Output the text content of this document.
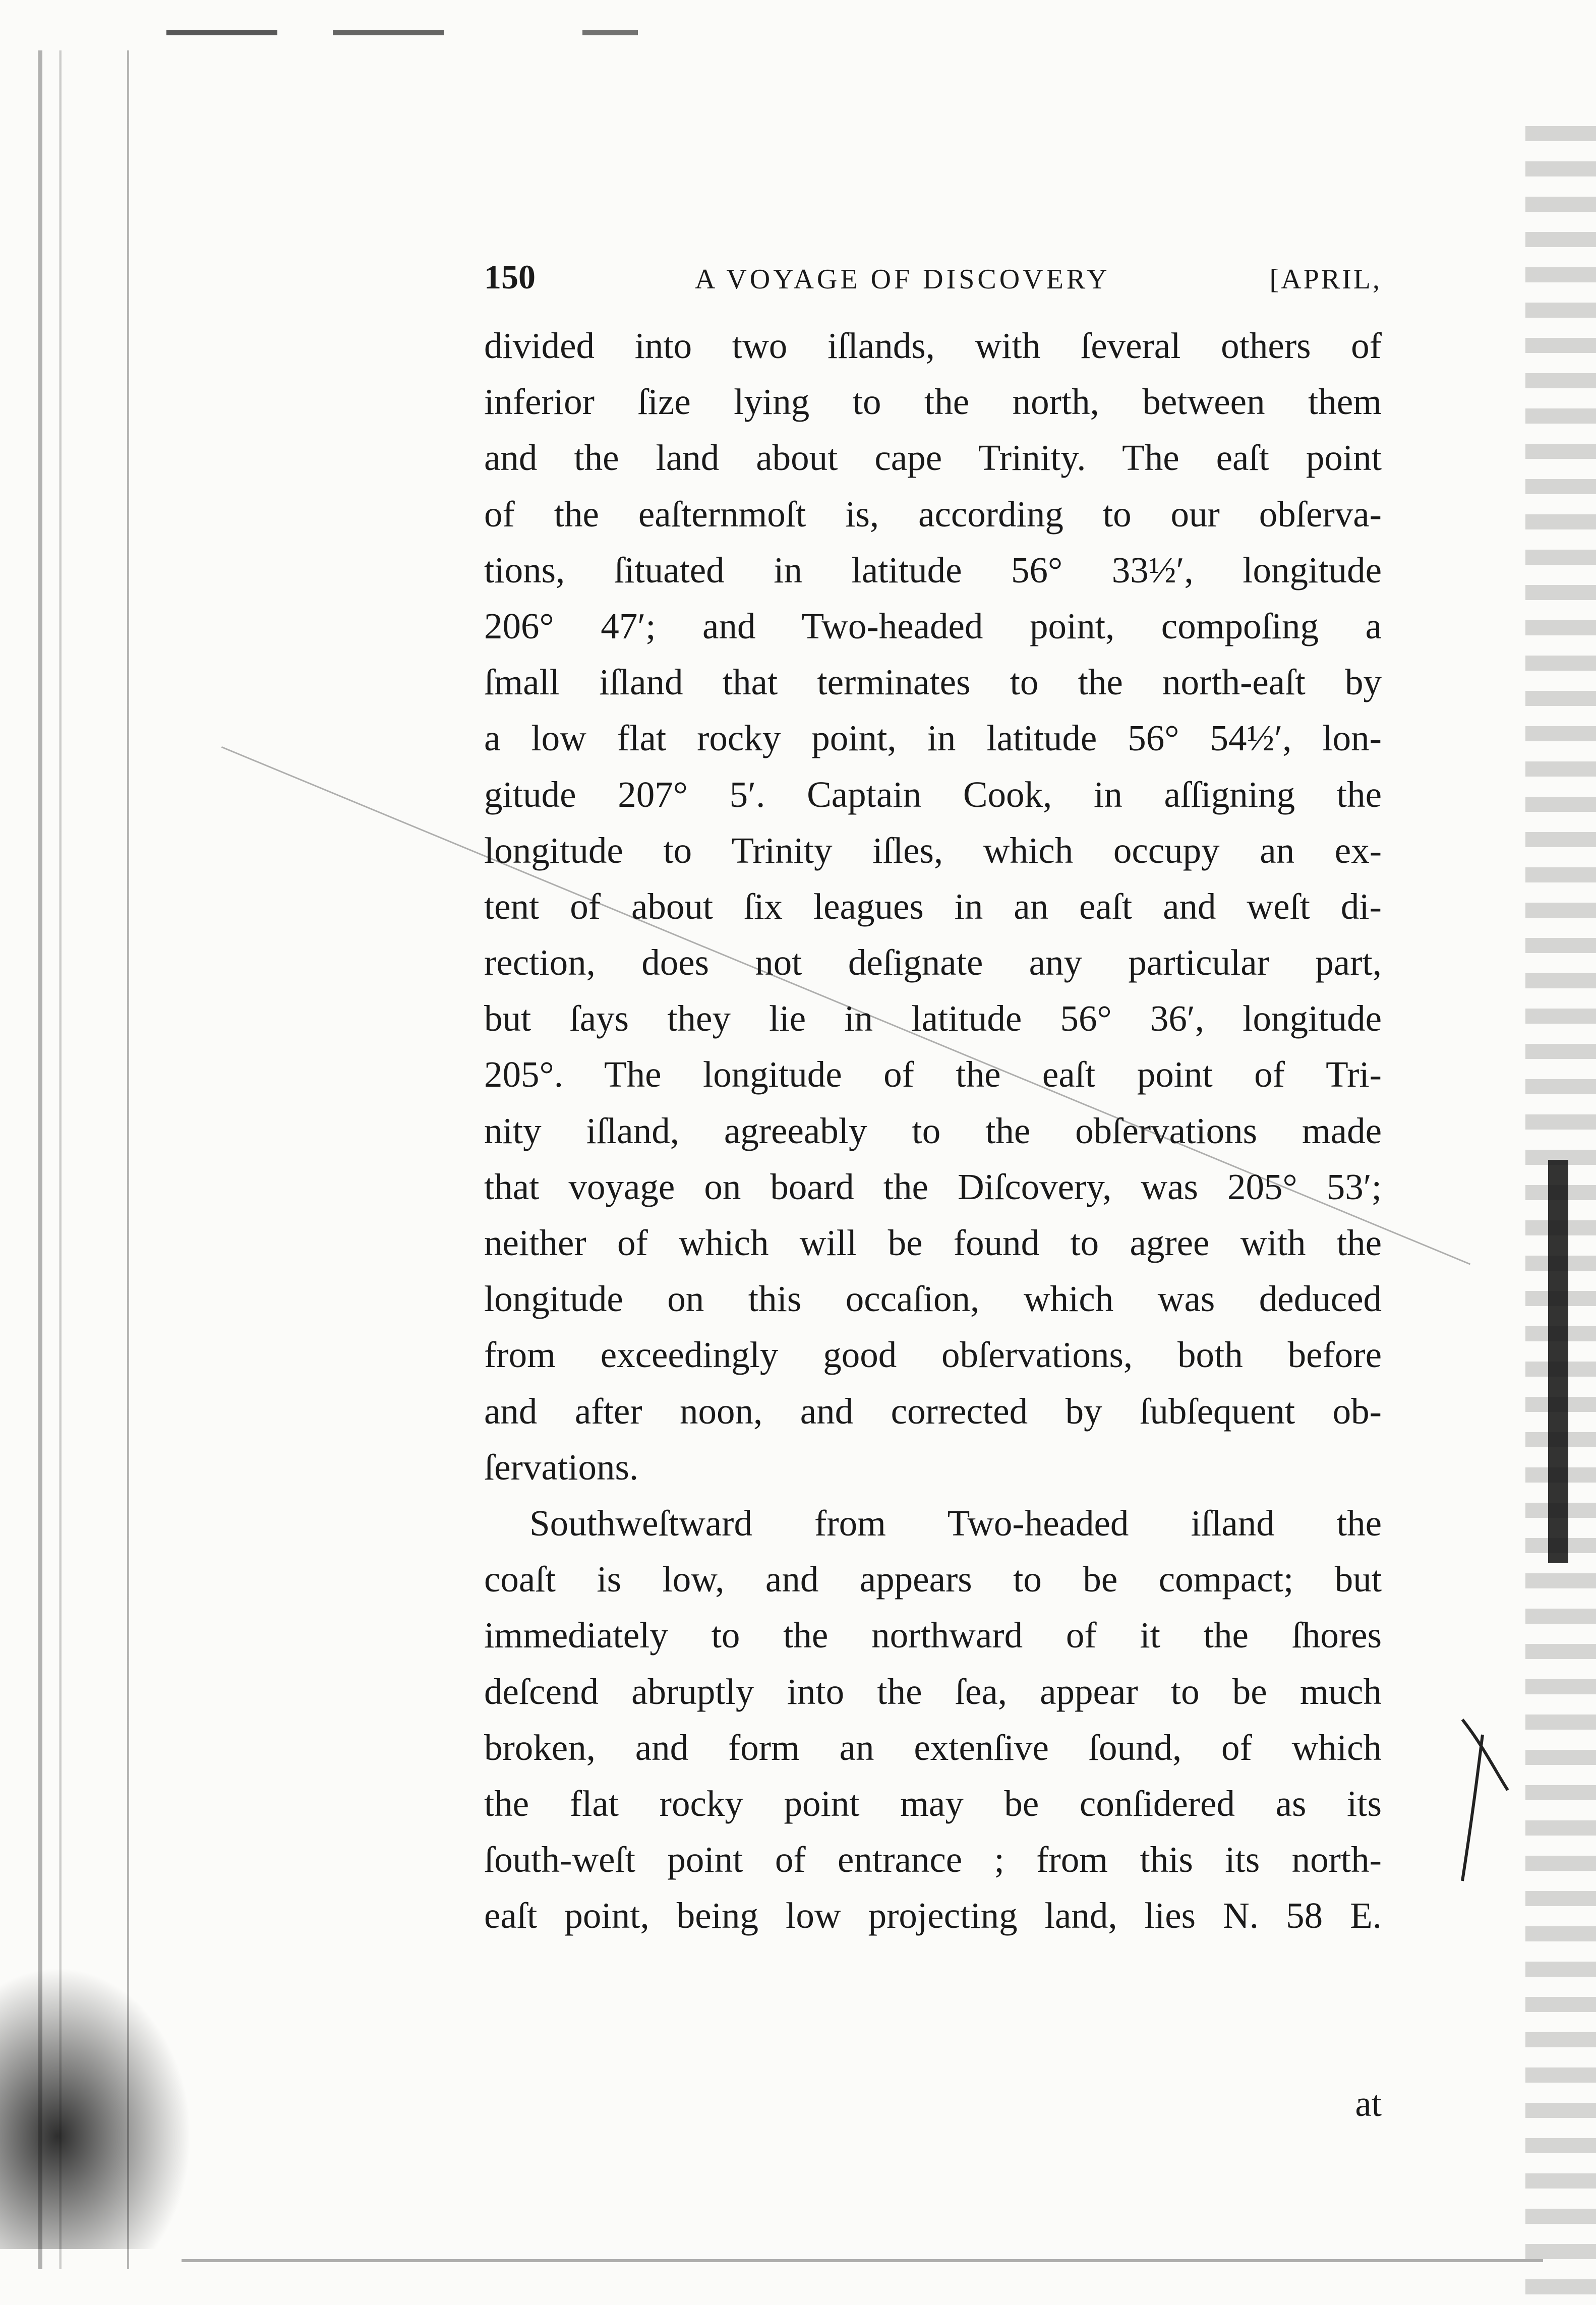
150	A VOYAGE OF DISCOVERY	[APRIL,
divided into two iſlands, with ſeveral others of
inferior ſize lying to the north, between them
and the land about cape Trinity. The eaſt point
of the eaſternmoſt is, according to our obſerva-
tions, ſituated in latitude 56° 33½′, longitude
206° 47′; and Two-headed point, compoſing a
ſmall iſland that terminates to the north-eaſt by
a low flat rocky point, in latitude 56° 54½′, lon-
gitude 207° 5′. Captain Cook, in aſſigning the
longitude to Trinity iſles, which occupy an ex-
tent of about ſix leagues in an eaſt and weſt di-
rection, does not deſignate any particular part,
but ſays they lie in latitude 56° 36′, longitude
205°. The longitude of the eaſt point of Tri-
nity iſland, agreeably to the obſervations made
that voyage on board the Diſcovery, was 205° 53′;
neither of which will be found to agree with the
longitude on this occaſion, which was deduced
from exceedingly good obſervations, both before
and after noon, and corrected by ſubſequent ob-
ſervations.
Southweſtward from Two-headed iſland the
coaſt is low, and appears to be compact; but
immediately to the northward of it the ſhores
deſcend abruptly into the ſea, appear to be much
broken, and form an extenſive ſound, of which
the flat rocky point may be conſidered as its
ſouth-weſt point of entrance ; from this its north-
eaſt point, being low projecting land, lies N. 58 E.
at
